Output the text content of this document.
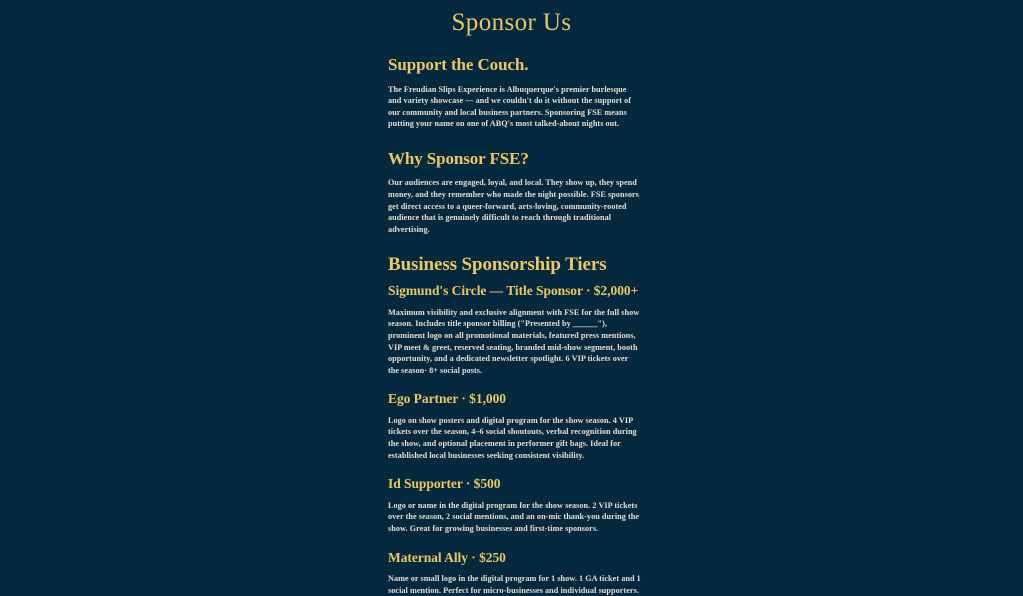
Sponsor Us
Support the Couch.

The Freudian Slips Experience is Albuquerque's premier burlesque and variety showcase — and we couldn't do it without the support of our community and local business partners. Sponsoring FSE means putting your name on one of ABQ's most talked-about nights out.

Why Sponsor FSE?

Our audiences are engaged, loyal, and local. They show up, they spend money, and they remember who made the night possible. FSE sponsors get direct access to a queer-forward, arts-loving, community-rooted audience that is genuinely difficult to reach through traditional advertising.

Business Sponsorship Tiers
Sigmund's Circle — Title Sponsor · $2,000+

Maximum visibility and exclusive alignment with FSE for the full show season. Includes title sponsor billing ("Presented by ＿＿＿"), prominent logo on all promotional materials, featured press mentions, VIP meet & greet, reserved seating, branded mid-show segment, booth opportunity, and a dedicated newsletter spotlight. 6 VIP tickets over the season· 8+ social posts.

Ego Partner · $1,000

Logo on show posters and digital program for the show season. 4 VIP tickets over the season, 4–6 social shoutouts, verbal recognition during the show, and optional placement in performer gift bags. Ideal for established local businesses seeking consistent visibility.

Id Supporter · $500

Logo or name in the digital program for the show season. 2 VIP tickets over the season, 2 social mentions, and an on-mic thank-you during the show. Great for growing businesses and first-time sponsors.

Maternal Ally · $250

Name or small logo in the digital program for 1 show. 1 GA ticket and 1 social mention. Perfect for micro-businesses and individual supporters.
